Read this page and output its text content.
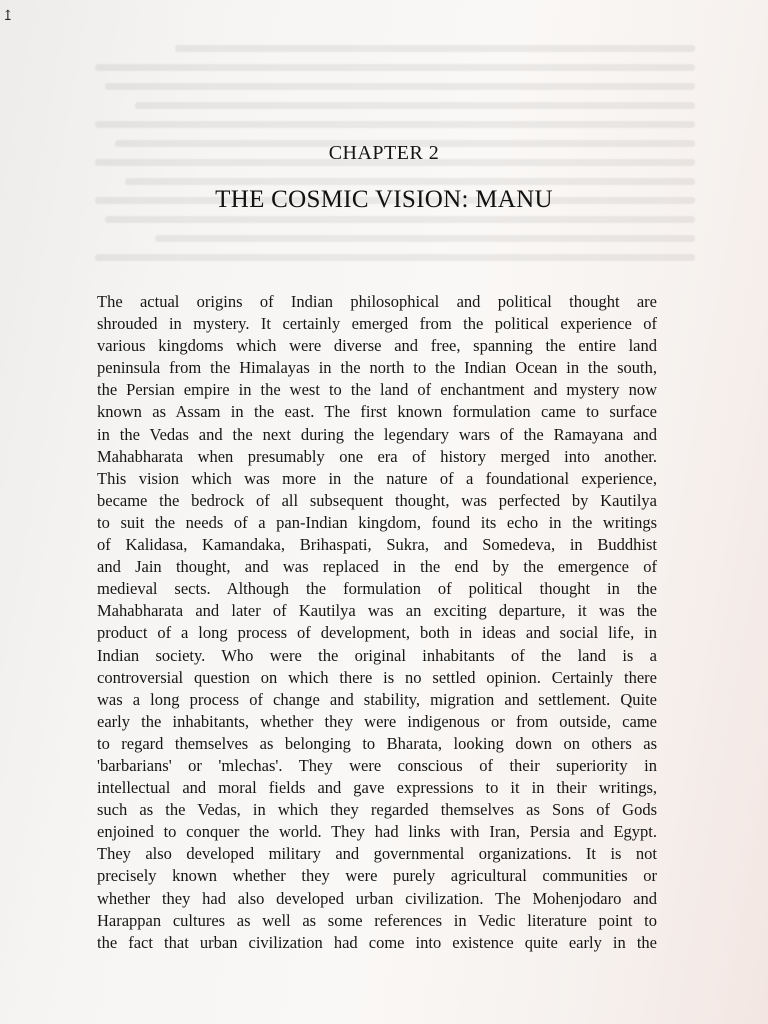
↥
CHAPTER 2
THE COSMIC VISION: MANU
The actual origins of Indian philosophical and political thought are
shrouded in mystery. It certainly emerged from the political experience of
various kingdoms which were diverse and free, spanning the entire land
peninsula from the Himalayas in the north to the Indian Ocean in the south,
the Persian empire in the west to the land of enchantment and mystery now
known as Assam in the east. The first known formulation came to surface
in the Vedas and the next during the legendary wars of the Ramayana and
Mahabharata when presumably one era of history merged into another.
This vision which was more in the nature of a foundational experience,
became the bedrock of all subsequent thought, was perfected by Kautilya
to suit the needs of a pan-Indian kingdom, found its echo in the writings
of Kalidasa, Kamandaka, Brihaspati, Sukra, and Somedeva, in Buddhist
and Jain thought, and was replaced in the end by the emergence of
medieval sects. Although the formulation of political thought in the
Mahabharata and later of Kautilya was an exciting departure, it was the
product of a long process of development, both in ideas and social life, in
Indian society. Who were the original inhabitants of the land is a
controversial question on which there is no settled opinion. Certainly there
was a long process of change and stability, migration and settlement. Quite
early the inhabitants, whether they were indigenous or from outside, came
to regard themselves as belonging to Bharata, looking down on others as
'barbarians' or 'mlechas'. They were conscious of their superiority in
intellectual and moral fields and gave expressions to it in their writings,
such as the Vedas, in which they regarded themselves as Sons of Gods
enjoined to conquer the world. They had links with Iran, Persia and Egypt.
They also developed military and governmental organizations. It is not
precisely known whether they were purely agricultural communities or
whether they had also developed urban civilization. The Mohenjodaro and
Harappan cultures as well as some references in Vedic literature point to
the fact that urban civilization had come into existence quite early in the
